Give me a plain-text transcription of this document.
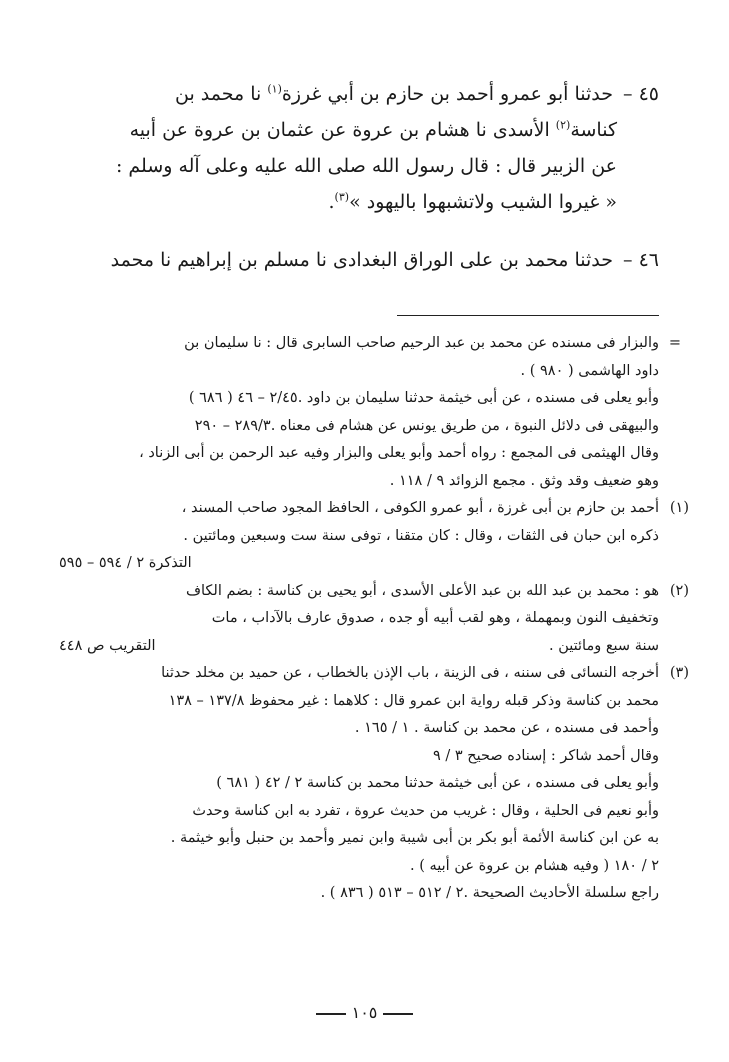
٤٥ – حدثنا أبو عمرو أحمد بن حازم بن أبي غرزة$^{(١)}$ نا محمد بن
كناسة$^{(٢)}$ الأسدى نا هشام بن عروة عن عثمان بن عروة عن أبيه
عن الزبير قال : قال رسول الله صلى الله عليه وعلى آله وسلم :
« غيروا الشيب ولاتشبهوا باليهود »$^{(٣)}$.

٤٦ – حدثنا محمد بن على الوراق البغدادى نا مسلم بن إبراهيم نا محمد

=
والبزار فى مسنده عن محمد بن عبد الرحيم صاحب السابرى قال : نا سليمان بن
داود الهاشمى ( ٩٨٠ ) .
وأبو يعلى فى مسنده ، عن أبى خيثمة حدثنا سليمان بن داود .٢/٤٥ – ٤٦ ( ٦٨٦ )
والبيهقى فى دلائل النبوة ، من طريق يونس عن هشام فى معناه .٢٨٩/٣ – ٢٩٠
وقال الهيثمى فى المجمع : رواه أحمد وأبو يعلى والبزار وفيه عبد الرحمن بن أبى الزناد ،
وهو ضعيف وقد وثق . مجمع الزوائد ٩ / ١١٨ .
(١)
أحمد بن حازم بن أبى غرزة ، أبو عمرو الكوفى ، الحافظ المجود صاحب المسند ،
ذكره ابن حبان فى الثقات ، وقال : كان متقنا ، توفى سنة ست وسبعين ومائتين .
التذكرة ٢ / ٥٩٤ – ٥٩٥
(٢)
هو : محمد بن عبد الله بن عبد الأعلى الأسدى ، أبو يحيى بن كناسة : بضم الكاف
وتخفيف النون وبمهملة ، وهو لقب أبيه أو جده ، صدوق عارف بالآداب ، مات
سنة سبع ومائتين .
التقريب ص ٤٤٨
(٣)
أخرجه النسائى فى سننه ، فى الزينة ، باب الإذن بالخطاب ، عن حميد بن مخلد حدثنا
محمد بن كناسة وذكر قبله رواية ابن عمرو قال : كلاهما : غير محفوظ ١٣٧/٨ – ١٣٨
وأحمد فى مسنده ، عن محمد بن كناسة . ١ / ١٦٥ .
وقال أحمد شاكر : إسناده صحيح ٣ / ٩
وأبو يعلى فى مسنده ، عن أبى خيثمة حدثنا محمد بن كناسة ٢ / ٤٢ ( ٦٨١ )
وأبو نعيم فى الحلية ، وقال : غريب من حديث عروة ، تفرد به ابن كناسة وحدث
به عن ابن كناسة الأئمة أبو بكر بن أبى شيبة وابن نمير وأحمد بن حنبل وأبو خيثمة .
٢ / ١٨٠ ( وفيه هشام بن عروة عن أبيه ) .
راجع سلسلة الأحاديث الصحيحة .٢ / ٥١٢ – ٥١٣ ( ٨٣٦ ) .
١٠٥
